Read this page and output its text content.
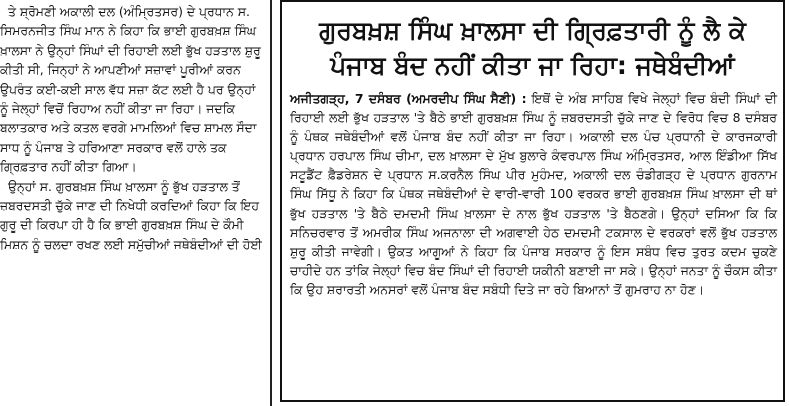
ਤੇ ਸ਼੍ਰੋਮਣੀ ਅਕਾਲੀ ਦਲ (ਅੰਮ੍ਰਿਤਸਰ) ਦੇ ਪ੍ਰਧਾਨ ਸ. ਸਿਮਰਨਜੀਤ ਸਿੰਘ ਮਾਨ ਨੇ ਕਿਹਾ ਕਿ ਭਾਈ ਗੁਰਬਖ਼ਸ਼ ਸਿੰਘ ਖ਼ਾਲਸਾ ਨੇ ਉਨ੍ਹਾਂ ਸਿੰਘਾਂ ਦੀ ਰਿਹਾਈ ਲਈ ਭੁੱਖ ਹੜਤਾਲ ਸ਼ੁਰੂ ਕੀਤੀ ਸੀ, ਜਿਨ੍ਹਾਂ ਨੇ ਆਪਣੀਆਂ ਸਜ਼ਾਵਾਂ ਪੂਰੀਆਂ ਕਰਨ ਉਪਰੰਤ ਕਈ-ਕਈ ਸਾਲ ਵੱਧ ਸਜ਼ਾ ਕੱਟ ਲਈ ਹੈ ਪਰ ਉਨ੍ਹਾਂ ਨੂੰ ਜੇਲ੍ਹਾਂ ਵਿਚੋਂ ਰਿਹਾਅ ਨਹੀਂ ਕੀਤਾ ਜਾ ਰਿਹਾ। ਜਦਕਿ ਬਲਾਤਕਾਰ ਅਤੇ ਕਤਲ ਵਰਗੇ ਮਾਮਲਿਆਂ ਵਿਚ ਸ਼ਾਮਲ ਸੌਦਾ ਸਾਧ ਨੂੰ ਪੰਜਾਬ ਤੇ ਹਰਿਆਣਾ ਸਰਕਾਰ ਵਲੋਂ ਹਾਲੇ ਤਕ ਗ੍ਰਿਫ਼ਤਾਰ ਨਹੀਂ ਕੀਤਾ ਗਿਆ।

ਉਨ੍ਹਾਂ ਸ. ਗੁਰਬਖ਼ਸ਼ ਸਿੰਘ ਖ਼ਾਲਸਾ ਨੂੰ ਭੁੱਖ ਹੜਤਾਲ ਤੋਂ ਜ਼ਬਰਦਸਤੀ ਚੁੱਕੇ ਜਾਣ ਦੀ ਨਿਖੇਧੀ ਕਰਦਿਆਂ ਕਿਹਾ ਕਿ ਇਹ ਗੁਰੂ ਦੀ ਕਿਰਪਾ ਹੀ ਹੈ ਕਿ ਭਾਈ ਗੁਰਬਖ਼ਸ਼ ਸਿੰਘ ਦੇ ਕੌਮੀ ਮਿਸ਼ਨ ਨੂੰ ਚਲਦਾ ਰਖਣ ਲਈ ਸਮੁੱਚੀਆਂ ਜਥੇਬੰਦੀਆਂ ਦੀ ਹੋਈ

ਗੁਰਬਖ਼ਸ਼ ਸਿੰਘ ਖ਼ਾਲਸਾ ਦੀ ਗ੍ਰਿਫ਼ਤਾਰੀ ਨੂੰ ਲੈ ਕੇ ਪੰਜਾਬ ਬੰਦ ਨਹੀਂ ਕੀਤਾ ਜਾ ਰਿਹਾ: ਜਥੇਬੰਦੀਆਂ
ਅਜੀਤਗੜ੍ਹ, 7 ਦਸੰਬਰ (ਅਮਰਦੀਪ ਸਿੰਘ ਸੈਣੀ) : ਇਥੋਂ ਦੇ ਅੰਬ ਸਾਹਿਬ ਵਿਖੇ ਜੇਲ੍ਹਾਂ ਵਿਚ ਬੰਦੀ ਸਿੰਘਾਂ ਦੀ ਰਿਹਾਈ ਲਈ ਭੁੱਖ ਹੜਤਾਲ 'ਤੇ ਬੈਠੇ ਭਾਈ ਗੁਰਬਖ਼ਸ਼ ਸਿੰਘ ਨੂੰ ਜ਼ਬਰਦਸਤੀ ਚੁੱਕੇ ਜਾਣ ਦੇ ਵਿਰੋਧ ਵਿਚ 8 ਦਸੰਬਰ ਨੂੰ ਪੰਥਕ ਜਥੇਬੰਦੀਆਂ ਵਲੋਂ ਪੰਜਾਬ ਬੰਦ ਨਹੀਂ ਕੀਤਾ ਜਾ ਰਿਹਾ। ਅਕਾਲੀ ਦਲ ਪੰਚ ਪ੍ਰਧਾਨੀ ਦੇ ਕਾਰਜਕਾਰੀ ਪ੍ਰਧਾਨ ਹਰਪਾਲ ਸਿੰਘ ਚੀਮਾ, ਦਲ ਖ਼ਾਲਸਾ ਦੇ ਮੁੱਖ ਬੁਲਾਰੇ ਕੰਵਰਪਾਲ ਸਿੰਘ ਅੰਮ੍ਰਿਤਸਰ, ਆਲ ਇੰਡੀਆ ਸਿੱਖ ਸਟੂਡੈਂਟ ਫ਼ੈਡਰੇਸ਼ਨ ਦੇ ਪ੍ਰਧਾਨ ਸ.ਕਰਨੈਲ ਸਿੰਘ ਪੀਰ ਮੁਹੰਮਦ, ਅਕਾਲੀ ਦਲ ਚੰਡੀਗੜ੍ਹ ਦੇ ਪ੍ਰਧਾਨ ਗੁਰਨਾਮ ਸਿੰਘ ਸਿੱਧੂ ਨੇ ਕਿਹਾ ਕਿ ਪੰਥਕ ਜਥੇਬੰਦੀਆਂ ਦੇ ਵਾਰੀ-ਵਾਰੀ 100 ਵਰਕਰ ਭਾਈ ਗੁਰਬਖ਼ਸ਼ ਸਿੰਘ ਖ਼ਾਲਸਾ ਦੀ ਥਾਂ ਭੁੱਖ ਹੜਤਾਲ 'ਤੇ ਬੈਠੇ ਦਮਦਮੀ ਸਿੰਘ ਖ਼ਾਲਸਾ ਦੇ ਨਾਲ ਭੁੱਖ ਹੜਤਾਲ 'ਤੇ ਬੈਠਣਗੇ। ਉਨ੍ਹਾਂ ਦਸਿਆ ਕਿ ਕਿ ਸਨਿਚਰਵਾਰ ਤੋਂ ਅਮਰੀਕ ਸਿੰਘ ਅਜਨਾਲਾ ਦੀ ਅਗਵਾਈ ਹੇਠ ਦਮਦਮੀ ਟਕਸਾਲ ਦੇ ਵਰਕਰਾਂ ਵਲੋਂ ਭੁੱਖ ਹੜਤਾਲ ਸ਼ੁਰੂ ਕੀਤੀ ਜਾਵੇਗੀ। ਉਕਤ ਆਗੂਆਂ ਨੇ ਕਿਹਾ ਕਿ ਪੰਜਾਬ ਸਰਕਾਰ ਨੂੰ ਇਸ ਸਬੰਧ ਵਿਚ ਤੁਰਤ ਕਦਮ ਚੁਕਣੇ ਚਾਹੀਦੇ ਹਨ ਤਾਂਕਿ ਜੇਲ੍ਹਾਂ ਵਿਚ ਬੰਦ ਸਿੰਘਾਂ ਦੀ ਰਿਹਾਈ ਯਕੀਨੀ ਬਣਾਈ ਜਾ ਸਕੇ। ਉਨ੍ਹਾਂ ਜਨਤਾ ਨੂੰ ਚੌਕਸ ਕੀਤਾ ਕਿ ਉਹ ਸ਼ਰਾਰਤੀ ਅਨਸਰਾਂ ਵਲੋਂ ਪੰਜਾਬ ਬੰਦ ਸਬੰਧੀ ਦਿਤੇ ਜਾ ਰਹੇ ਬਿਆਨਾਂ ਤੋਂ ਗੁਮਰਾਹ ਨਾ ਹੋਣ।
